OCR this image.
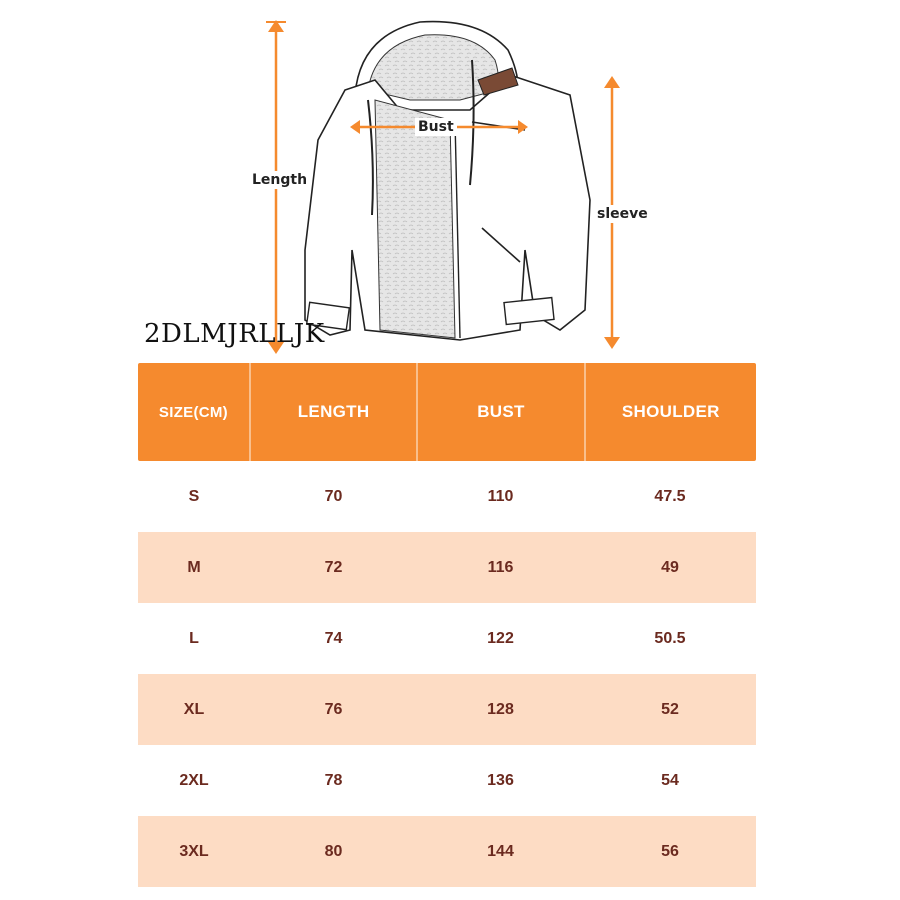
Length
Bust
sleeve
2DLMJRLLJK
SIZE(CM)	LENGTH	BUST	SHOULDER
S	70	110	47.5
M	72	116	49
L	74	122	50.5
XL	76	128	52
2XL	78	136	54
3XL	80	144	56
